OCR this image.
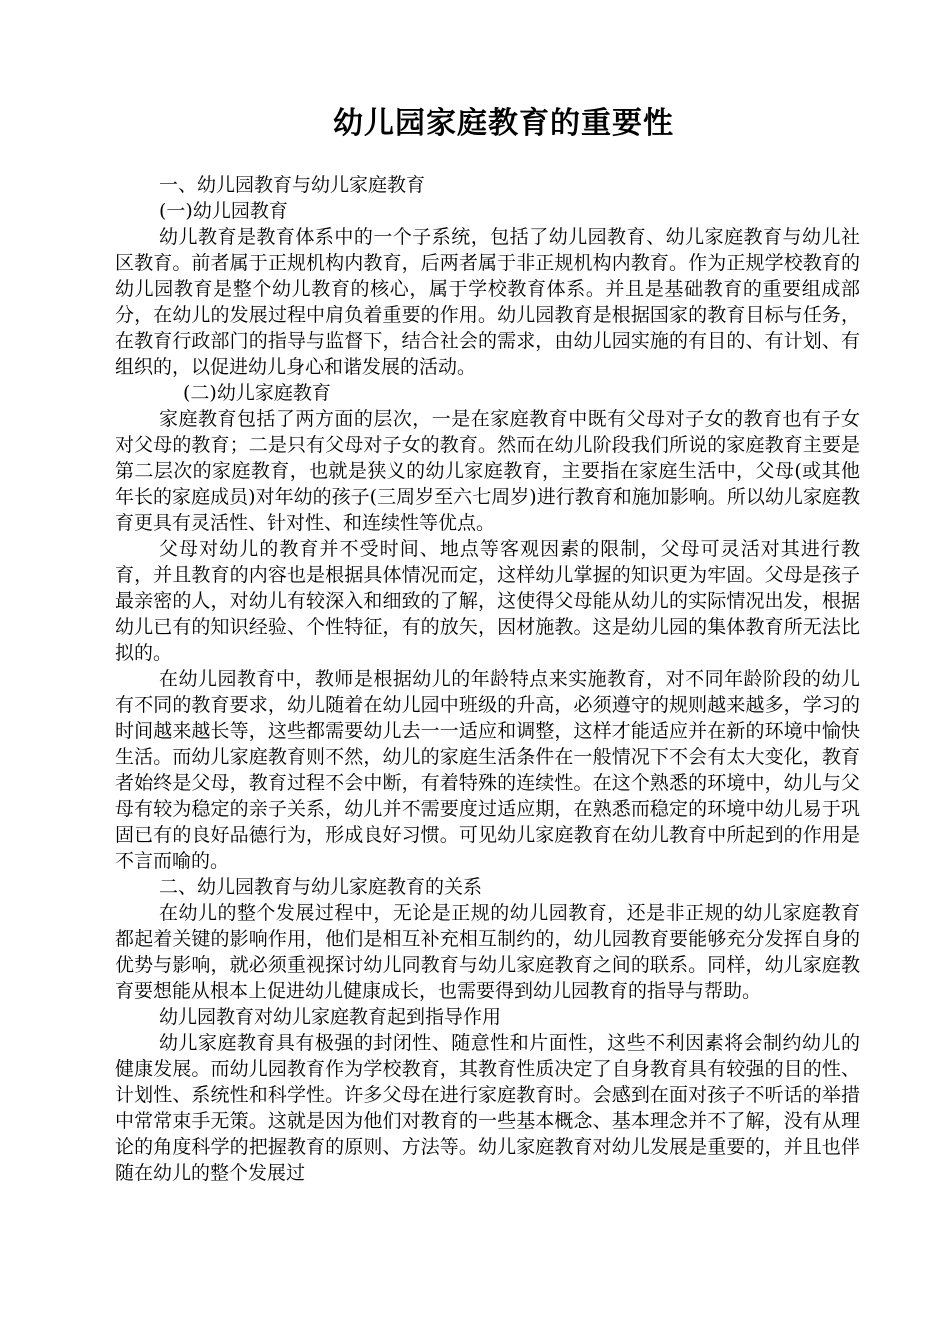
幼儿园家庭教育的重要性

一、幼儿园教育与幼儿家庭教育

(一)幼儿园教育

幼儿教育是教育体系中的一个子系统，包括了幼儿园教育、幼儿家庭教育与幼儿社区教育。前者属于正规机构内教育，后两者属于非正规机构内教育。作为正规学校教育的幼儿园教育是整个幼儿教育的核心，属于学校教育体系。并且是基础教育的重要组成部分，在幼儿的发展过程中肩负着重要的作用。幼儿园教育是根据国家的教育目标与任务，在教育行政部门的指导与监督下，结合社会的需求，由幼儿园实施的有目的、有计划、有组织的，以促进幼儿身心和谐发展的活动。

(二)幼儿家庭教育

家庭教育包括了两方面的层次，一是在家庭教育中既有父母对子女的教育也有子女对父母的教育；二是只有父母对子女的教育。然而在幼儿阶段我们所说的家庭教育主要是第二层次的家庭教育，也就是狭义的幼儿家庭教育，主要指在家庭生活中，父母(或其他年长的家庭成员)对年幼的孩子(三周岁至六七周岁)进行教育和施加影响。所以幼儿家庭教育更具有灵活性、针对性、和连续性等优点。

父母对幼儿的教育并不受时间、地点等客观因素的限制，父母可灵活对其进行教育，并且教育的内容也是根据具体情况而定，这样幼儿掌握的知识更为牢固。父母是孩子最亲密的人，对幼儿有较深入和细致的了解，这使得父母能从幼儿的实际情况出发，根据幼儿已有的知识经验、个性特征，有的放矢，因材施教。这是幼儿园的集体教育所无法比拟的。

在幼儿园教育中，教师是根据幼儿的年龄特点来实施教育，对不同年龄阶段的幼儿有不同的教育要求，幼儿随着在幼儿园中班级的升高，必须遵守的规则越来越多，学习的时间越来越长等，这些都需要幼儿去一一适应和调整，这样才能适应并在新的环境中愉快生活。而幼儿家庭教育则不然，幼儿的家庭生活条件在一般情况下不会有太大变化，教育者始终是父母，教育过程不会中断，有着特殊的连续性。在这个熟悉的环境中，幼儿与父母有较为稳定的亲子关系，幼儿并不需要度过适应期，在熟悉而稳定的环境中幼儿易于巩固已有的良好品德行为，形成良好习惯。可见幼儿家庭教育在幼儿教育中所起到的作用是不言而喻的。

二、幼儿园教育与幼儿家庭教育的关系

在幼儿的整个发展过程中，无论是正规的幼儿园教育，还是非正规的幼儿家庭教育都起着关键的影响作用，他们是相互补充相互制约的，幼儿园教育要能够充分发挥自身的优势与影响，就必须重视探讨幼儿同教育与幼儿家庭教育之间的联系。同样，幼儿家庭教育要想能从根本上促进幼儿健康成长，也需要得到幼儿园教育的指导与帮助。

幼儿园教育对幼儿家庭教育起到指导作用

幼儿家庭教育具有极强的封闭性、随意性和片面性，这些不利因素将会制约幼儿的健康发展。而幼儿园教育作为学校教育，其教育性质决定了自身教育具有较强的目的性、计划性、系统性和科学性。许多父母在进行家庭教育时。会感到在面对孩子不听话的举措中常常束手无策。这就是因为他们对教育的一些基本概念、基本理念并不了解，没有从理论的角度科学的把握教育的原则、方法等。幼儿家庭教育对幼儿发展是重要的，并且也伴随在幼儿的整个发展过
